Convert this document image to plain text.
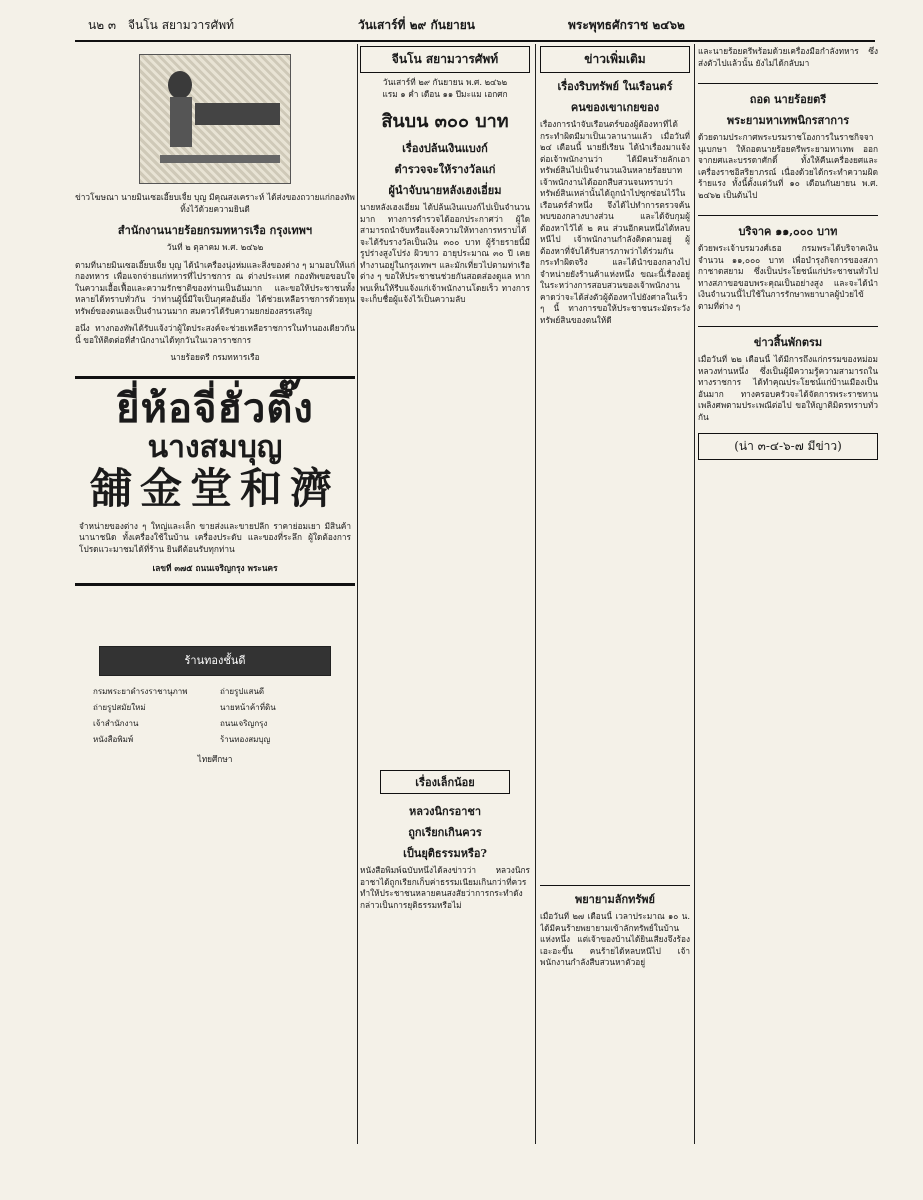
น๒ ๓ จีนโน สยามวารศัพท์	วันเสาร์ที่ ๒๙ กันยายน	พระพุทธศักราช ๒๔๖๒

ข่าวโฆษณา นายมินเซอเอี๊ยบเจี้ย บุญ มีคุณสงเคราะห์ ได้ส่งของถวายแก่กองทัพ ทิ้งไว้ด้วยความยินดี

สำนักงานนายร้อยกรมทหารเรือ กรุงเทพฯ

วันที่ ๒ ตุลาคม พ.ศ. ๒๔๖๒

ตามที่นายมินเซอเอี๊ยบเจี้ย บุญ ได้นำเครื่องนุ่งห่มและสิ่งของต่าง ๆ มามอบให้แก่กองทหาร เพื่อแจกจ่ายแก่ทหารที่ไปราชการ ณ ต่างประเทศ กองทัพขอขอบใจในความเอื้อเฟื้อและความรักชาติของท่านเป็นอันมาก และขอให้ประชาชนทั้งหลายได้ทราบทั่วกัน ว่าท่านผู้นี้มีใจเป็นกุศลอันยิ่ง ได้ช่วยเหลือราชการด้วยทุนทรัพย์ของตนเองเป็นจำนวนมาก สมควรได้รับความยกย่องสรรเสริญ

อนึ่ง ทางกองทัพได้รับแจ้งว่าผู้ใดประสงค์จะช่วยเหลือราชการในทำนองเดียวกันนี้ ขอให้ติดต่อที่สำนักงานได้ทุกวันในเวลาราชการ

นายร้อยตรี กรมทหารเรือ

ยี่ห้อจี่ฮั่วตึ๊ง
นางสมบุญ
舖金堂和濟

จำหน่ายของต่าง ๆ ใหญ่และเล็ก ขายส่งและขายปลีก ราคาย่อมเยา มีสินค้านานาชนิด ทั้งเครื่องใช้ในบ้าน เครื่องประดับ และของที่ระลึก ผู้ใดต้องการโปรดแวะมาชมได้ที่ร้าน ยินดีต้อนรับทุกท่าน

เลขที่ ๓๗๕ ถนนเจริญกรุง พระนคร

ร้านทองชั้นดี
กรมพระยาดำรงราชานุภาพ	ถ่ายรูปแสนดี
ถ่ายรูปสมัยใหม่	นายหน้าค้าที่ดิน
เจ้าสำนักงาน	ถนนเจริญกรุง
หนังสือพิมพ์	ร้านทองสมบุญ

ไทยศึกษา

จีนโน สยามวารศัพท์

วันเสาร์ที่ ๒๙ กันยายน พ.ศ. ๒๔๖๒

แรม ๑ ค่ำ เดือน ๑๑ ปีมะแม เอกศก

สินบน ๓๐๐ บาท
เรื่องปล้นเงินแบงก์
ตำรวจจะให้รางวัลแก่
ผู้นำจับนายหลังเฮงเอี่ยม

นายหลังเฮงเอี่ยม ได้ปล้นเงินแบงก์ไปเป็นจำนวนมาก ทางการตำรวจได้ออกประกาศว่า ผู้ใดสามารถนำจับหรือแจ้งความให้ทางการทราบได้ จะได้รับรางวัลเป็นเงิน ๓๐๐ บาท ผู้ร้ายรายนี้มีรูปร่างสูงโปร่ง ผิวขาว อายุประมาณ ๓๐ ปี เคยทำงานอยู่ในกรุงเทพฯ และมักเที่ยวไปตามท่าเรือต่าง ๆ ขอให้ประชาชนช่วยกันสอดส่องดูแล หากพบเห็นให้รีบแจ้งแก่เจ้าพนักงานโดยเร็ว ทางการจะเก็บชื่อผู้แจ้งไว้เป็นความลับ

เรื่องเล็กน้อย
หลวงนิกรอาชา
ถูกเรียกเกินควร
เป็นยุติธรรมหรือ?

หนังสือพิมพ์ฉบับหนึ่งได้ลงข่าวว่า หลวงนิกรอาชาได้ถูกเรียกเก็บค่าธรรมเนียมเกินกว่าที่ควร ทำให้ประชาชนหลายคนสงสัยว่าการกระทำดังกล่าวเป็นการยุติธรรมหรือไม่

ข่าวเพิ่มเติม
เรื่องริบทรัพย์ ในเรือนตร์
คนของเขาเกยของ

เรื่องการนำจับเรือนตร์ของผู้ต้องหาที่ได้กระทำผิดมีมาเป็นเวลานานแล้ว เมื่อวันที่ ๒๔ เดือนนี้ นายยี่เรียน ได้นำเรื่องมาแจ้งต่อเจ้าพนักงานว่า ได้มีคนร้ายลักเอาทรัพย์สินไปเป็นจำนวนเงินหลายร้อยบาท เจ้าพนักงานได้ออกสืบสวนจนทราบว่า ทรัพย์สินเหล่านั้นได้ถูกนำไปซุกซ่อนไว้ในเรือนตร์ลำหนึ่ง จึงได้ไปทำการตรวจค้น พบของกลางบางส่วน และได้จับกุมผู้ต้องหาไว้ได้ ๒ คน ส่วนอีกคนหนึ่งได้หลบหนีไป เจ้าพนักงานกำลังติดตามอยู่ ผู้ต้องหาที่จับได้รับสารภาพว่าได้ร่วมกันกระทำผิดจริง และได้นำของกลางไปจำหน่ายยังร้านค้าแห่งหนึ่ง ขณะนี้เรื่องอยู่ในระหว่างการสอบสวนของเจ้าพนักงาน คาดว่าจะได้ส่งตัวผู้ต้องหาไปยังศาลในเร็ว ๆ นี้ ทางการขอให้ประชาชนระมัดระวังทรัพย์สินของตนให้ดี

พยายามลักทรัพย์

เมื่อวันที่ ๒๗ เดือนนี้ เวลาประมาณ ๑๐ น. ได้มีคนร้ายพยายามเข้าลักทรัพย์ในบ้านแห่งหนึ่ง แต่เจ้าของบ้านได้ยินเสียงจึงร้องเอะอะขึ้น คนร้ายได้หลบหนีไป เจ้าพนักงานกำลังสืบสวนหาตัวอยู่

และนายร้อยตรีพร้อมด้วยเครื่องมือกำลังทหาร ซึ่งส่งตัวไปแล้วนั้น ยังไม่ได้กลับมา

ถอด นายร้อยตรี
พระยามหาเทพนิกรสาการ

ด้วยตามประกาศพระบรมราชโองการในราชกิจจานุเบกษา ให้ถอดนายร้อยตรีพระยามหาเทพ ออกจากยศและบรรดาศักดิ์ ทั้งให้คืนเครื่องยศและเครื่องราชอิสริยาภรณ์ เนื่องด้วยได้กระทำความผิดร้ายแรง ทั้งนี้ตั้งแต่วันที่ ๑๐ เดือนกันยายน พ.ศ. ๒๔๖๒ เป็นต้นไป

บริจาค ๑๑,๐๐๐ บาท

ด้วยพระเจ้าบรมวงศ์เธอ กรมพระได้บริจาคเงินจำนวน ๑๑,๐๐๐ บาท เพื่อบำรุงกิจการของสภากาชาดสยาม ซึ่งเป็นประโยชน์แก่ประชาชนทั่วไป ทางสภาขอขอบพระคุณเป็นอย่างสูง และจะได้นำเงินจำนวนนี้ไปใช้ในการรักษาพยาบาลผู้ป่วยไข้ตามที่ต่าง ๆ

ข่าวสิ้นพักตรม

เมื่อวันที่ ๒๒ เดือนนี้ ได้มีการถึงแก่กรรมของหม่อมหลวงท่านหนึ่ง ซึ่งเป็นผู้มีความรู้ความสามารถในทางราชการ ได้ทำคุณประโยชน์แก่บ้านเมืองเป็นอันมาก ทางครอบครัวจะได้จัดการพระราชทานเพลิงศพตามประเพณีต่อไป ขอให้ญาติมิตรทราบทั่วกัน

(น่า ๓-๔-๖-๗ มีข่าว)
